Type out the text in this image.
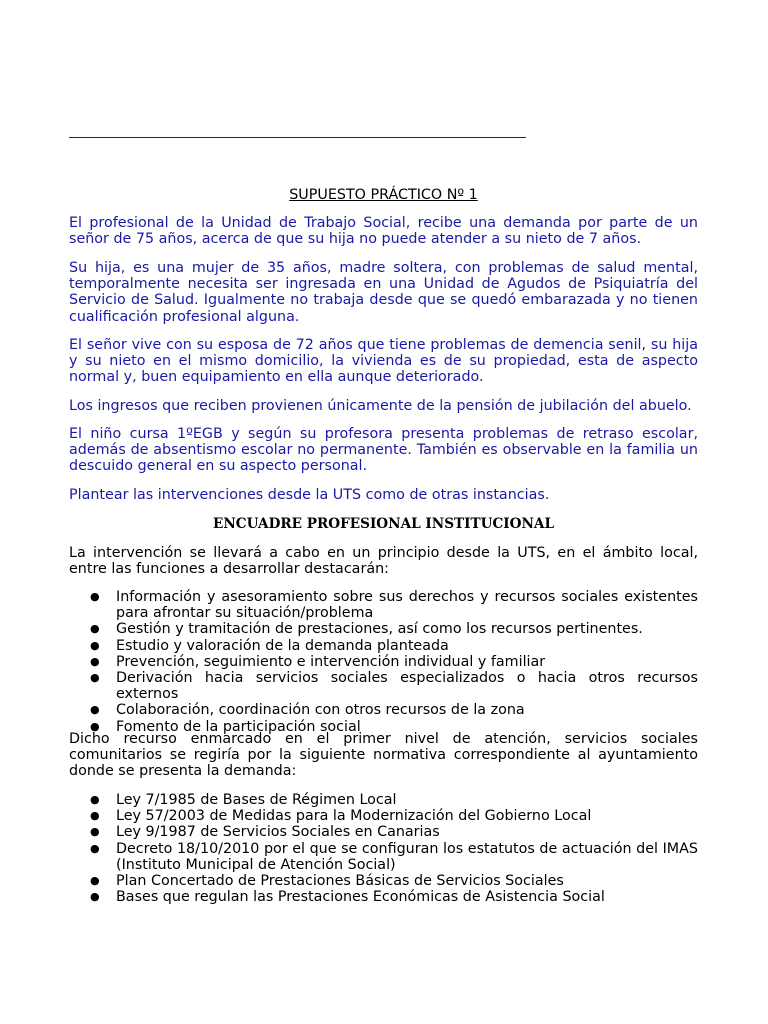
SUPUESTO PRÁCTICO Nº 1

El profesional de la Unidad de Trabajo Social, recibe una demanda por parte de un señor de 75 años, acerca de que su hija no puede atender a su nieto de 7 años.

Su hija, es una mujer de 35 años, madre soltera, con problemas de salud mental, temporalmente necesita ser ingresada en una Unidad de Agudos de Psiquiatría del Servicio de Salud. Igualmente no trabaja desde que se quedó embarazada y no tienen cualificación profesional alguna.

El señor vive con su esposa de 72 años que tiene problemas de demencia senil, su hija y su nieto en el mismo domicilio, la vivienda es de su propiedad, esta de aspecto normal y, buen equipamiento en ella aunque deteriorado.

Los ingresos que reciben provienen únicamente de la pensión de jubilación del abuelo.

El niño cursa 1ºEGB y según su profesora presenta problemas de retraso escolar, además de absentismo escolar no permanente. También es observable en la familia un descuido general en su aspecto personal.

Plantear las intervenciones desde la UTS como de otras instancias.

ENCUADRE PROFESIONAL INSTITUCIONAL

La intervención se llevará a cabo en un principio desde la UTS, en el ámbito local, entre las funciones a desarrollar destacarán:

● Información y asesoramiento sobre sus derechos y recursos sociales existentes para afrontar su situación/problema
● Gestión y tramitación de prestaciones, así como los recursos pertinentes.
● Estudio y valoración de la demanda planteada
● Prevención, seguimiento e intervención individual y familiar
● Derivación hacia servicios sociales especializados o hacia otros recursos externos
● Colaboración, coordinación con otros recursos de la zona
● Fomento de la participación social

Dicho recurso enmarcado en el primer nivel de atención, servicios sociales comunitarios se regiría por la siguiente normativa correspondiente al ayuntamiento donde se presenta la demanda:

● Ley 7/1985 de Bases de Régimen Local
● Ley 57/2003 de Medidas para la Modernización del Gobierno Local
● Ley 9/1987 de Servicios Sociales en Canarias
● Decreto 18/10/2010 por el que se configuran los estatutos de actuación del IMAS (Instituto Municipal de Atención Social)
● Plan Concertado de Prestaciones Básicas de Servicios Sociales
● Bases que regulan las Prestaciones Económicas de Asistencia Social
